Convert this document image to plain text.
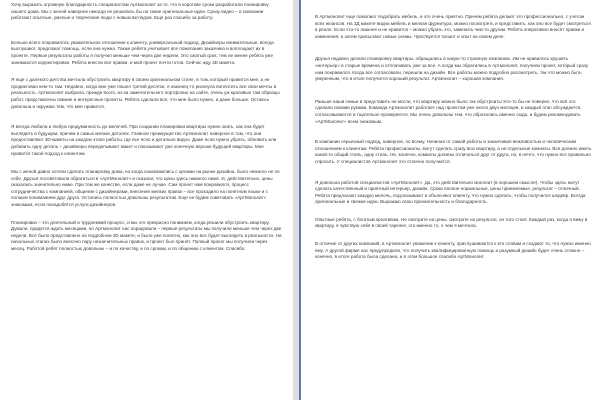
Хочу выразить огромную благодарность специалистам Артмонолит за то, что в короткие сроки разработали планировку нашего дома. Мы с женой наверное никогда не решились бы на такие оригинальные идеи. Сразу видно – в компании работают опытные, умелые и творческие люди с новым взглядом. Еще раз спасибо за работу.

Больше всего понравилось уважительное отношение к клиенту, универсальный подход. Дизайнеры внимательные, всегда выслушают, предложат помощь, если она нужна. Также ребята учитывает все пожелания заказчика и воплощают их в проекте. Первые результаты работы я получил меньше чем через две недели. Это сжатый срок, тем не менее ребята уже занимаются корректировки. Ребята внесли все правки, и мой проект почти готов. Сейчас жду 3D макета.

Я еще с далекого детства мечтала обустроить квартиру в своем оригинальном стиле, в том, который нравится мне, а не продиктован кем-то там. Недавно, когда мне уже пошел третий десяток, я наконец-то рискнула воплотить все свои мечты в реальность. Артмонолит выбрала, прежде всего, из-за замечательного портфолио на сайте, очень уж красивые там образцы работ, представлены свежие и интересные проекты. Ребята сделали все, что мне было нужно, и даже больше. Остаюсь довольна и окружаю тем, что мне нравится.

Я всегда любила и любую продуманность до мелочей. При создании планировки квартиры нужно знать, как она будет выглядеть в будущем, причем в самых мелких деталях. Главное преимущество Артмонолит наверное в том, что они предоставляют 3D-макеты на каждом этапе работы, где все ясно и детально видно. Даже если нужно убрать, обновить или добавить одну деталь – дизайнеры переделывают макет и показывают уже конечную версию будущей квартиры. Мне нравится такой подход к клиентам.

Мы с женой давно хотели сделать планировку дома, но когда ознакомились с ценами на рынке дизайна, было немного не по себе. Друзья посоветовали обратиться в «АртМонолит» и сказали, что цены здесь намного ниже. И, действительно, цены оказались значительно ниже. При том же качестве, если даже не лучше. Сам проект нам понравился, процесс сотрудничества с компанией, общение с дизайнерами, внесение мелких правок – все проходило на понятном языке и с полным пониманием друг друга. Остались полностью довольны результатом. Еще не будем советовать «АртМонолит» знакомым, если понадобятся услуги дизайнеров.

Планировка – это длительный и трудоемкий процесс, и мы это прекрасно понимаем, когда решили обустроить квартиру. Думали, придется ждать месяцами, но Артмонолит нас порадовала – первые результаты мы получили меньше чем через две недели. Все было представлено на подробном 3D макете, и было уже понятно, как оно все будет выглядеть в реальности. На начальных этапах было внесено пару незначительных правок, и проект был принят. Полный проект мы получили через месяц. Работой ребят полностью довольны – и по качеству, и по срокам, и по общению с клиентом. Спасибо.

В Артмонолит еще помогают подобрать мебель, и это очень приятно. Причем ребята делают это профессионально, с учетом всех нюансов. На 3Д макете видна мебель и мелкая фурнитура, можно посмотреть и представить, как оно все будет смотреться в реале. Если что-то лишнее и не нравится – можно убрать это, заменить чем-то другим. Ребята оперативно вносят правки и изменения, а затем присылают новые схемы. Чувствуется талант и опыт на своем деле.

Друзья недавно делали планировку квартиры, обращались в какую-то странную компанию. Им не нравилось крушить «интерьер» в старые времена и отплачивать уже за все. А когда мы обратились в Артмонолит, получили проект, который сразу нам понравился. Когда все согласовали, перешли на дизайн. Все работы можно подробно рассмотреть, так что можно быть уверенным, что в итоге получится хороший результат. Артмонолит – хорошая компания.

Раньше наши семьи и представить не могли, что квартиру можно было так обустроить! Кто-то бы не поверил, что всё это сделали своими руками. Команда Артмонолит работает над проектом уже около двух месяцев, и каждый этап обсуждается, согласовывается и тщательно проверяется. Мы очень довольны тем, что обратились именно сюда, и будем рекомендовать «АртМонолит» всем знакомым.

В компании серьезный подход, наверное, по всему. Начиная от самой работы и заканчивая вежливостью и человеческим отношением к клиентам. Ребята профессионалы, могут сделать сразу всю квартиру, а не отдельные комнаты. Все должно иметь какой-то общий стиль, одну стиль. Не, конечно, комнаты должны отличаться друг от друга, но, в нечто, что нужно все правильно спросить. У специалистов Артмонолит это отлично получается.

Я довольна работой специалистов «АртМонолит». Да, это действительно монолит (в хорошем смысле). Чтобы здесь могут сделать качественный и приятный интерьер, дизайн. Сроки вполне нормальные, цены приемлемые, результат – отличный. Ребята предлагают каждую мелочь, подсказывают и объясняют клиенту, что нужно сделать, чтобы получился шедевр. Всегда оригинальные и свежие идеи. Выражаю свою признательность и благодарность.

Опытные ребята, с богатым креативом. Не смотрите на цены, смотрите на результат, он того стоит. Каждый раз, когда я вижу в квартиру, я чувствую себя в своей тарелке, это именно то, о чем я мечтала.

В отличие от других компаний, в Артмонолит уважение к клиенту, прислушиваются к его словам и создают то, что нужно именно ему. А другой фирме нас предупредили, что получить квалифицированную помощь и разумный дизайн будет очень сложно – конечно, в итоге работа была сделана, и в этом большое спасибо АртМонолит.
